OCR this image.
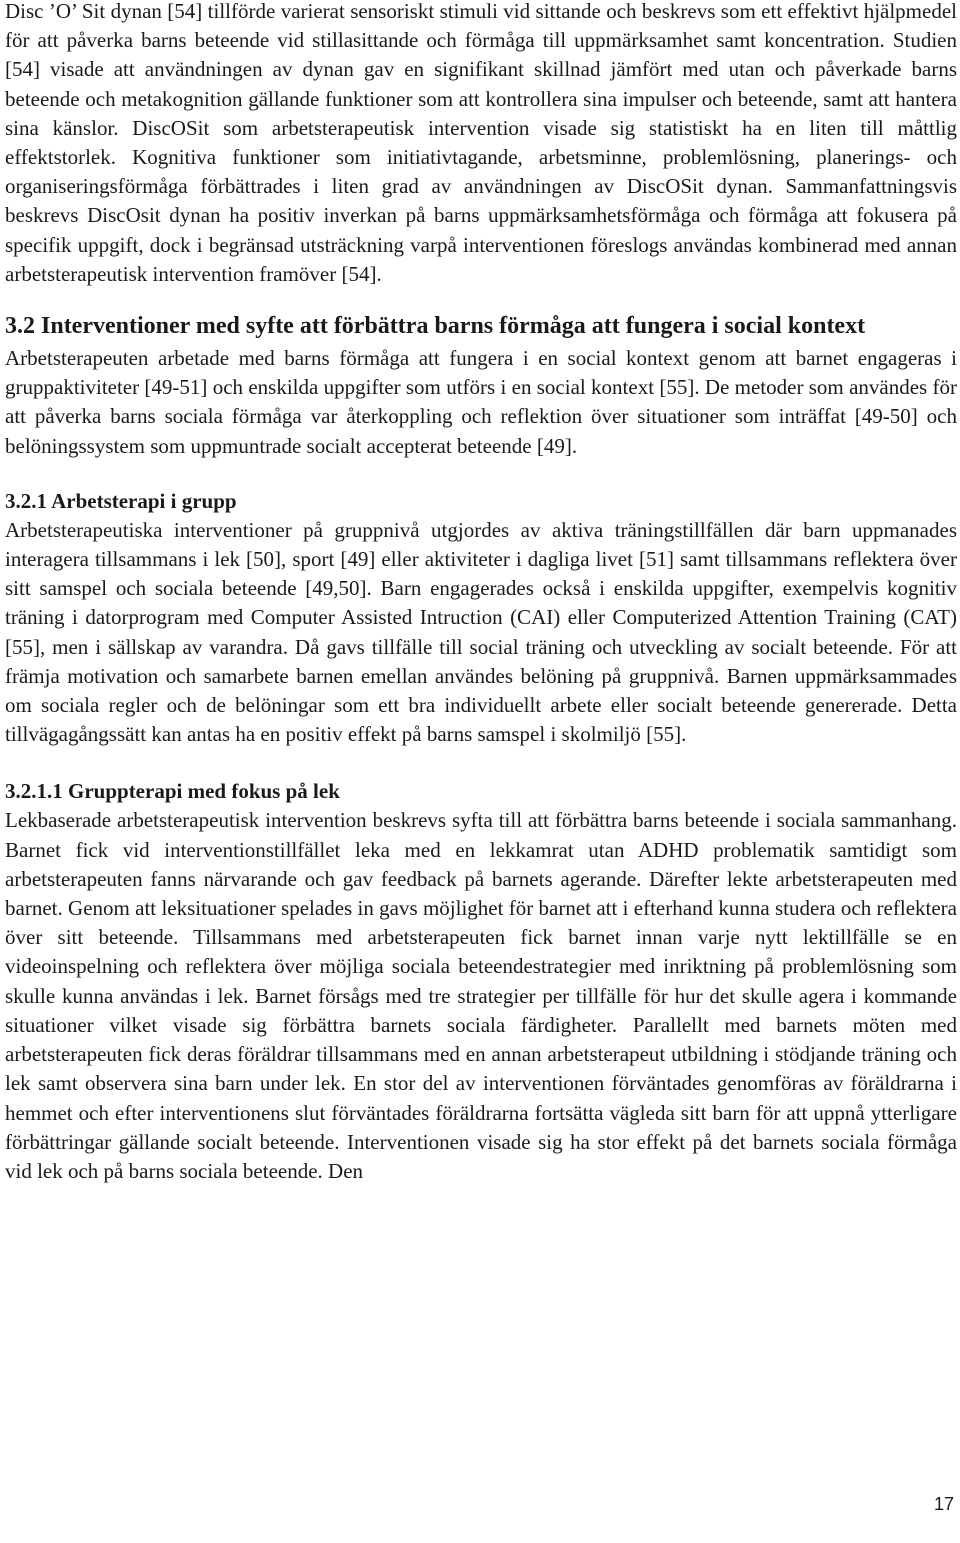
Disc ’O’ Sit dynan [54] tillförde varierat sensoriskt stimuli vid sittande och beskrevs som ett effektivt hjälpmedel för att påverka barns beteende vid stillasittande och förmåga till uppmärksamhet samt koncentration. Studien [54] visade att användningen av dynan gav en signifikant skillnad jämfört med utan och påverkade barns beteende och metakognition gällande funktioner som att kontrollera sina impulser och beteende, samt att hantera sina känslor. DiscOSit som arbetsterapeutisk intervention visade sig statistiskt ha en liten till måttlig effektstorlek. Kognitiva funktioner som initiativtagande, arbetsminne, problemlösning, planerings- och organiseringsförmåga förbättrades i liten grad av användningen av DiscOSit dynan. Sammanfattningsvis beskrevs DiscOsit dynan ha positiv inverkan på barns uppmärksamhetsförmåga och förmåga att fokusera på specifik uppgift, dock i begränsad utsträckning varpå interventionen föreslogs användas kombinerad med annan arbetsterapeutisk intervention framöver [54].

3.2 Interventioner med syfte att förbättra barns förmåga att fungera i social kontext

Arbetsterapeuten arbetade med barns förmåga att fungera i en social kontext genom att barnet engageras i gruppaktiviteter [49-51] och enskilda uppgifter som utförs i en social kontext [55]. De metoder som användes för att påverka barns sociala förmåga var återkoppling och reflektion över situationer som inträffat [49-50] och belöningssystem som uppmuntrade socialt accepterat beteende [49].

3.2.1 Arbetsterapi i grupp

Arbetsterapeutiska interventioner på gruppnivå utgjordes av aktiva träningstillfällen där barn uppmanades interagera tillsammans i lek [50], sport [49] eller aktiviteter i dagliga livet [51] samt tillsammans reflektera över sitt samspel och sociala beteende [49,50]. Barn engagerades också i enskilda uppgifter, exempelvis kognitiv träning i datorprogram med Computer Assisted Intruction (CAI) eller Computerized Attention Training (CAT) [55], men i sällskap av varandra. Då gavs tillfälle till social träning och utveckling av socialt beteende. För att främja motivation och samarbete barnen emellan användes belöning på gruppnivå. Barnen uppmärksammades om sociala regler och de belöningar som ett bra individuellt arbete eller socialt beteende genererade. Detta tillvägagångssätt kan antas ha en positiv effekt på barns samspel i skolmiljö [55].

3.2.1.1 Gruppterapi med fokus på lek

Lekbaserade arbetsterapeutisk intervention beskrevs syfta till att förbättra barns beteende i sociala sammanhang. Barnet fick vid interventionstillfället leka med en lekkamrat utan ADHD problematik samtidigt som arbetsterapeuten fanns närvarande och gav feedback på barnets agerande. Därefter lekte arbetsterapeuten med barnet. Genom att leksituationer spelades in gavs möjlighet för barnet att i efterhand kunna studera och reflektera över sitt beteende. Tillsammans med arbetsterapeuten fick barnet innan varje nytt lektillfälle se en videoinspelning och reflektera över möjliga sociala beteendestrategier med inriktning på problemlösning som skulle kunna användas i lek. Barnet försågs med tre strategier per tillfälle för hur det skulle agera i kommande situationer vilket visade sig förbättra barnets sociala färdigheter. Parallellt med barnets möten med arbetsterapeuten fick deras föräldrar tillsammans med en annan arbetsterapeut utbildning i stödjande träning och lek samt observera sina barn under lek. En stor del av interventionen förväntades genomföras av föräldrarna i hemmet och efter interventionens slut förväntades föräldrarna fortsätta vägleda sitt barn för att uppnå ytterligare förbättringar gällande socialt beteende. Interventionen visade sig ha stor effekt på det barnets sociala förmåga vid lek och på barns sociala beteende. Den

17
